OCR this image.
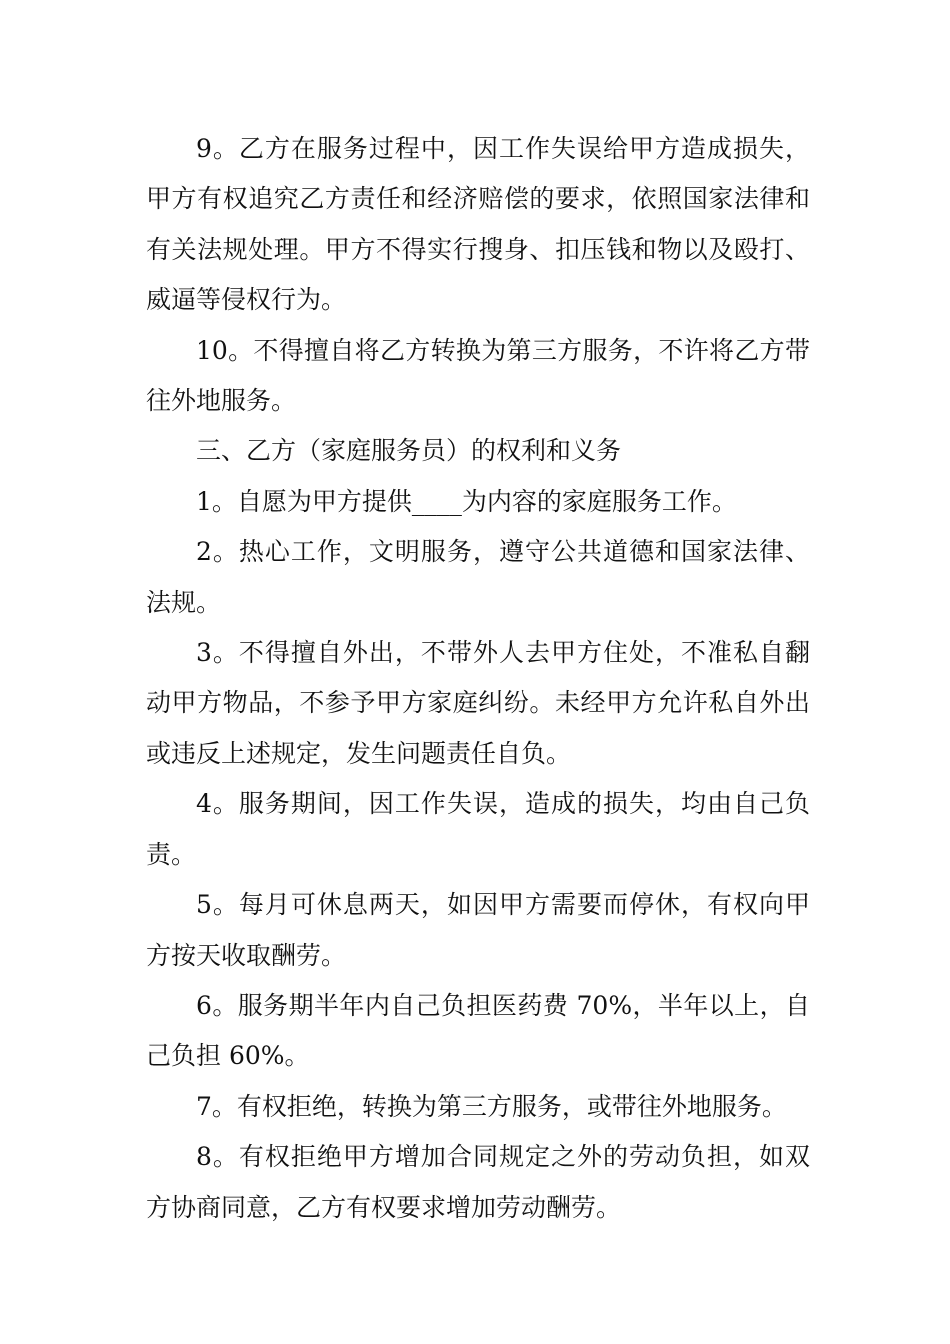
9。乙方在服务过程中，因工作失误给甲方造成损失，甲方有权追究乙方责任和经济赔偿的要求，依照国家法律和有关法规处理。甲方不得实行搜身、扣压钱和物以及殴打、威逼等侵权行为。

10。不得擅自将乙方转换为第三方服务，不许将乙方带往外地服务。

三、乙方（家庭服务员）的权利和义务

1。自愿为甲方提供____为内容的家庭服务工作。

2。热心工作，文明服务，遵守公共道德和国家法律、法规。

3。不得擅自外出，不带外人去甲方住处，不准私自翻动甲方物品，不参予甲方家庭纠纷。未经甲方允许私自外出或违反上述规定，发生问题责任自负。

4。服务期间，因工作失误，造成的损失，均由自己负责。

5。每月可休息两天，如因甲方需要而停休，有权向甲方按天收取酬劳。

6。服务期半年内自己负担医药费 70%，半年以上，自己负担 60%。

7。有权拒绝，转换为第三方服务，或带往外地服务。

8。有权拒绝甲方增加合同规定之外的劳动负担，如双方协商同意，乙方有权要求增加劳动酬劳。
